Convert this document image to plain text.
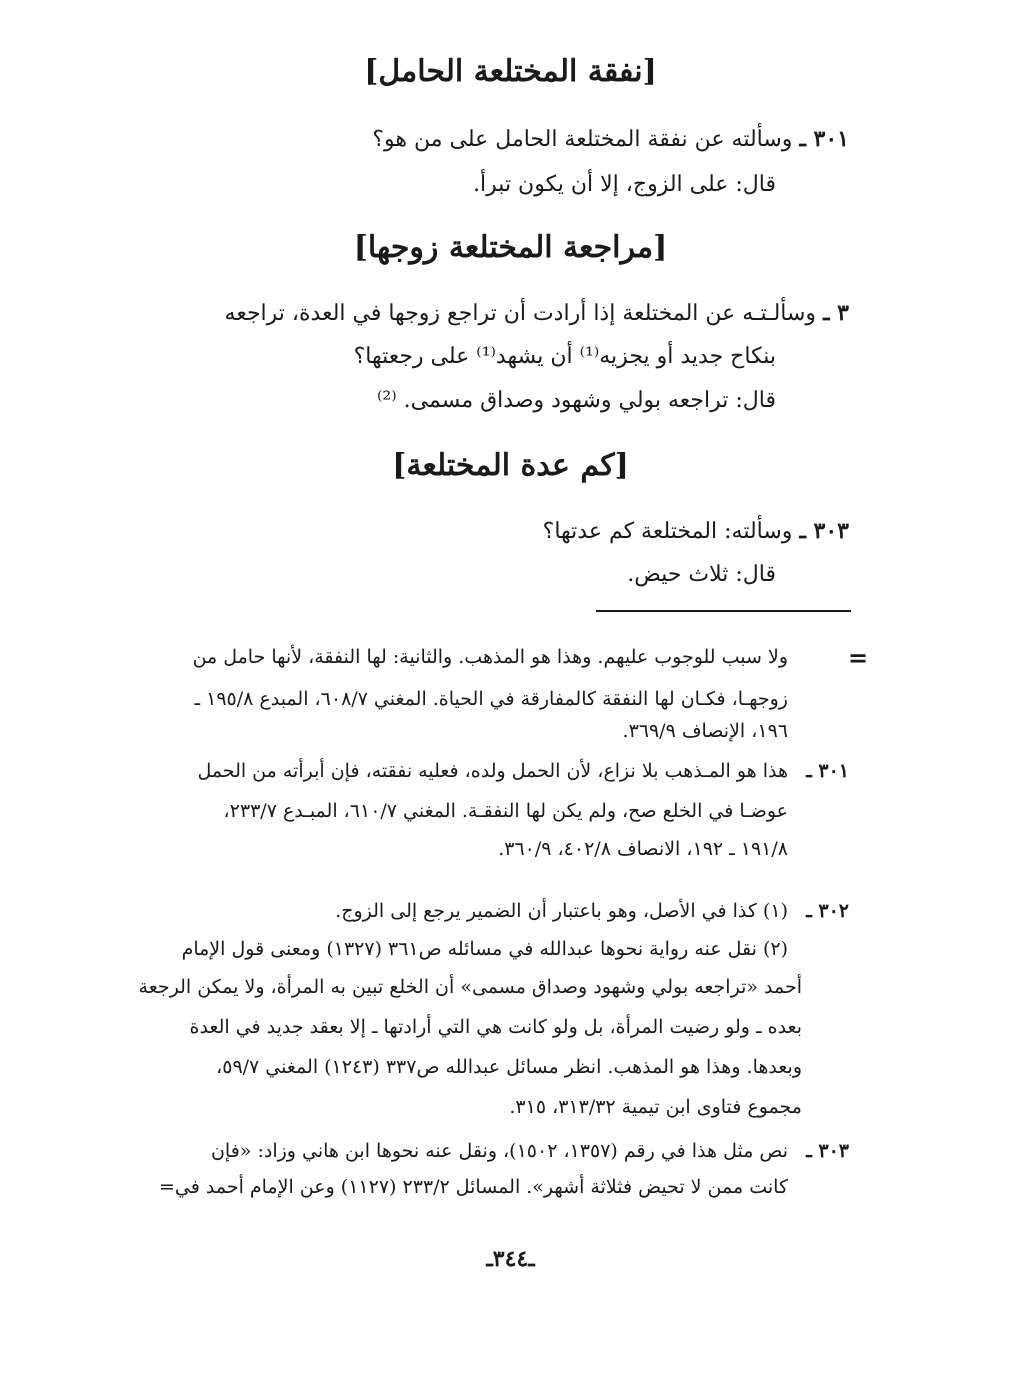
[نفقة المختلعة الحامل]
٣٠١ ـ وسألته عن نفقة المختلعة الحامل على من هو؟
قال: على الزوج، إلا أن يكون تبرأ.
[مراجعة المختلعة زوجها]
٣ ـ وسألـتـه عن المختلعة إذا أرادت أن تراجع زوجها في العدة، تراجعه
بنكاح جديد أو يجزيه⁽¹⁾ أن يشهد⁽¹⁾ على رجعتها؟
قال: تراجعه بولي وشهود وصداق مسمى. ⁽²⁾
[كم عدة المختلعة]
٣٠٣ ـ وسألته: المختلعة كم عدتها؟
قال: ثلاث حيض.
=
ولا سبب للوجوب عليهم. وهذا هو المذهب. والثانية: لها النفقة، لأنها حامل من
زوجهـا، فكـان لها النفقة كالمفارقة في الحياة. المغني ٦٠٨/٧، المبدع ١٩٥/٨ ـ
١٩٦، الإنصاف ٣٦٩/٩.
٣٠١ ـ
هذا هو المـذهب بلا نزاع، لأن الحمل ولده، فعليه نفقته، فإن أبرأته من الحمل
عوضـا في الخلع صح، ولم يكن لها النفقـة. المغني ٦١٠/٧، المبـدع ٢٣٣/٧،
١٩١/٨ ـ ١٩٢، الانصاف ٤٠٢/٨، ٣٦٠/٩.
٣٠٢ ـ
(١) كذا في الأصل، وهو باعتبار أن الضمير يرجع إلى الزوج.
(٢) نقل عنه رواية نحوها عبدالله في مسائله ص٣٦١ (١٣٢٧) ومعنى قول الإمام
أحمد «تراجعه بولي وشهود وصداق مسمى» أن الخلع تبين به المرأة، ولا يمكن الرجعة
بعده ـ ولو رضيت المرأة، بل ولو كانت هي التي أرادتها ـ إلا بعقد جديد في العدة
وبعدها. وهذا هو المذهب. انظر مسائل عبدالله ص٣٣٧ (١٢٤٣) المغني ٥٩/٧،
مجموع فتاوى ابن تيمية ٣١٣/٣٢، ٣١٥.
٣٠٣ ـ
نص مثل هذا في رقم (١٣٥٧، ١٥٠٢)، ونقل عنه نحوها ابن هاني وزاد: «فإن
كانت ممن لا تحيض فثلاثة أشهر». المسائل ٢٣٣/٢ (١١٢٧) وعن الإمام أحمد في=
ـ٣٤٤ـ
